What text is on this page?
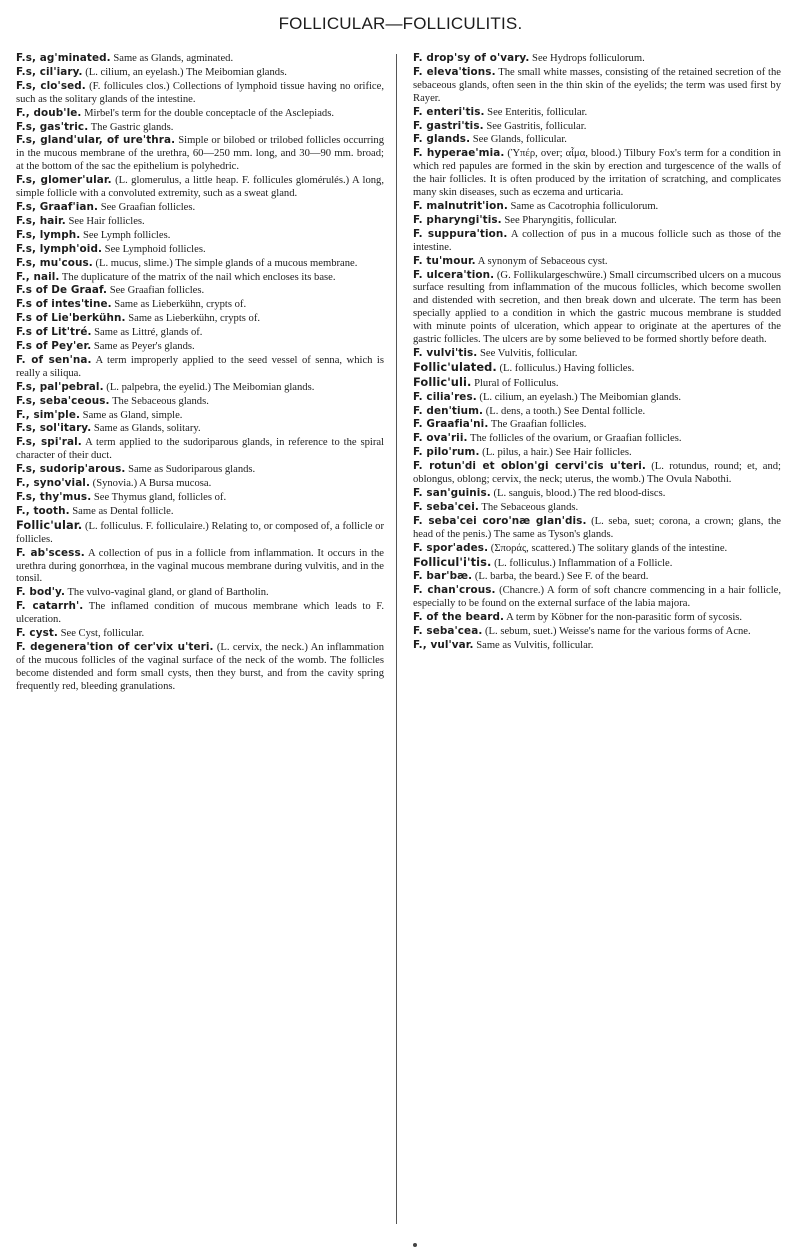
FOLLICULAR—FOLLICULITIS.

F.s, ag'minated. Same as Glands, agminated.

F.s, cil'iary. (L. cilium, an eyelash.) The Meibomian glands.

F.s, clo'sed. (F. follicules clos.) Collections of lymphoid tissue having no orifice, such as the solitary glands of the intestine.

F., doub'le. Mirbel's term for the double conceptacle of the Asclepiads.

F.s, gas'tric. The Gastric glands.

F.s, gland'ular, of ure'thra. Simple or bilobed or trilobed follicles occurring in the mucous membrane of the urethra, 60—250 mm. long, and 30—90 mm. broad; at the bottom of the sac the epithelium is polyhedric.

F.s, glomer'ular. (L. glomerulus, a little heap. F. follicules glomérulés.) A long, simple follicle with a convoluted extremity, such as a sweat gland.

F.s, Graaf'ian. See Graafian follicles.

F.s, hair. See Hair follicles.

F.s, lymph. See Lymph follicles.

F.s, lymph'oid. See Lymphoid follicles.

F.s, mu'cous. (L. mucus, slime.) The simple glands of a mucous membrane.

F., nail. The duplicature of the matrix of the nail which encloses its base.

F.s of De Graaf. See Graafian follicles.

F.s of intes'tine. Same as Lieberkühn, crypts of.

F.s of Lie'berkühn. Same as Lieberkühn, crypts of.

F.s of Lit'tré. Same as Littré, glands of.

F.s of Pey'er. Same as Peyer's glands.

F. of sen'na. A term improperly applied to the seed vessel of senna, which is really a siliqua.

F.s, pal'pebral. (L. palpebra, the eyelid.) The Meibomian glands.

F.s, seba'ceous. The Sebaceous glands.

F., sim'ple. Same as Gland, simple.

F.s, sol'itary. Same as Glands, solitary.

F.s, spi'ral. A term applied to the sudoriparous glands, in reference to the spiral character of their duct.

F.s, sudorip'arous. Same as Sudoriparous glands.

F., syno'vial. (Synovia.) A Bursa mucosa.

F.s, thy'mus. See Thymus gland, follicles of.

F., tooth. Same as Dental follicle.

Follic'ular. (L. folliculus. F. folliculaire.) Relating to, or composed of, a follicle or follicles.

F. ab'scess. A collection of pus in a follicle from inflammation. It occurs in the urethra during gonorrhœa, in the vaginal mucous membrane during vulvitis, and in the tonsil.

F. bod'y. The vulvo-vaginal gland, or gland of Bartholin.

F. catarrh'. The inflamed condition of mucous membrane which leads to F. ulceration.

F. cyst. See Cyst, follicular.

F. degenera'tion of cer'vix u'teri. (L. cervix, the neck.) An inflammation of the mucous follicles of the vaginal surface of the neck of the womb. The follicles become distended and form small cysts, then they burst, and from the cavity spring frequently red, bleeding granulations.

F. drop'sy of o'vary. See Hydrops folliculorum.

F. eleva'tions. The small white masses, consisting of the retained secretion of the sebaceous glands, often seen in the thin skin of the eyelids; the term was used first by Rayer.

F. enteri'tis. See Enteritis, follicular.

F. gastri'tis. See Gastritis, follicular.

F. glands. See Glands, follicular.

F. hyperae'mia. (Ὑπέρ, over; αἷμα, blood.) Tilbury Fox's term for a condition in which red papules are formed in the skin by erection and turgescence of the walls of the hair follicles. It is often produced by the irritation of scratching, and complicates many skin diseases, such as eczema and urticaria.

F. malnutrit'ion. Same as Cacotrophia folliculorum.

F. pharyngi'tis. See Pharyngitis, follicular.

F. suppura'tion. A collection of pus in a mucous follicle such as those of the intestine.

F. tu'mour. A synonym of Sebaceous cyst.

F. ulcera'tion. (G. Follikulargeschwüre.) Small circumscribed ulcers on a mucous surface resulting from inflammation of the mucous follicles, which become swollen and distended with secretion, and then break down and ulcerate. The term has been specially applied to a condition in which the gastric mucous membrane is studded with minute points of ulceration, which appear to originate at the apertures of the gastric follicles. The ulcers are by some believed to be formed shortly before death.

F. vulvi'tis. See Vulvitis, follicular.

Follic'ulated. (L. folliculus.) Having follicles.

Follic'uli. Plural of Folliculus.

F. cilia'res. (L. cilium, an eyelash.) The Meibomian glands.

F. den'tium. (L. dens, a tooth.) See Dental follicle.

F. Graafia'ni. The Graafian follicles.

F. ova'rii. The follicles of the ovarium, or Graafian follicles.

F. pilo'rum. (L. pilus, a hair.) See Hair follicles.

F. rotun'di et oblon'gi cervi'cis u'teri. (L. rotundus, round; et, and; oblongus, oblong; cervix, the neck; uterus, the womb.) The Ovula Nabothi.

F. san'guinis. (L. sanguis, blood.) The red blood-discs.

F. seba'cei. The Sebaceous glands.

F. seba'cei coro'næ glan'dis. (L. seba, suet; corona, a crown; glans, the head of the penis.) The same as Tyson's glands.

F. spor'ades. (Σποράς, scattered.) The solitary glands of the intestine.

Follicul'i'tis. (L. folliculus.) Inflammation of a Follicle.

F. bar'bæ. (L. barba, the beard.) See F. of the beard.

F. chan'crous. (Chancre.) A form of soft chancre commencing in a hair follicle, especially to be found on the external surface of the labia majora.

F. of the beard. A term by Köbner for the non-parasitic form of sycosis.

F. seba'cea. (L. sebum, suet.) Weisse's name for the various forms of Acne.

F., vul'var. Same as Vulvitis, follicular.
